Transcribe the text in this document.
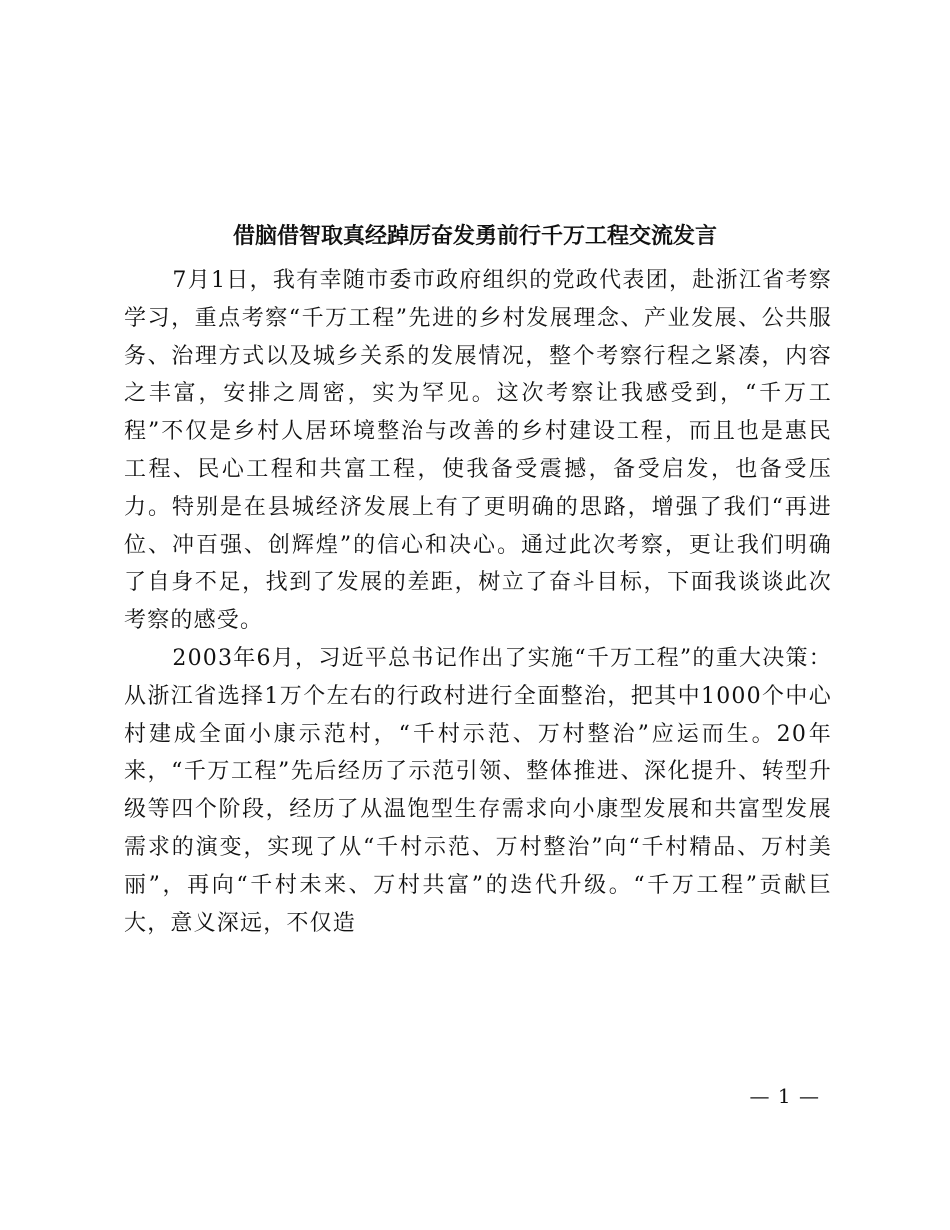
借脑借智取真经踔厉奋发勇前行千万工程交流发言

7月1日，我有幸随市委市政府组织的党政代表团，赴浙江省考察学习，重点考察“千万工程”先进的乡村发展理念、产业发展、公共服务、治理方式以及城乡关系的发展情况，整个考察行程之紧凑，内容之丰富，安排之周密，实为罕见。这次考察让我感受到，“千万工程”不仅是乡村人居环境整治与改善的乡村建设工程，而且也是惠民工程、民心工程和共富工程，使我备受震撼，备受启发，也备受压力。特别是在县城经济发展上有了更明确的思路，增强了我们“再进位、冲百强、创辉煌”的信心和决心。通过此次考察，更让我们明确了自身不足，找到了发展的差距，树立了奋斗目标，下面我谈谈此次考察的感受。

2003年6月，习近平总书记作出了实施“千万工程”的重大决策：从浙江省选择1万个左右的行政村进行全面整治，把其中1000个中心村建成全面小康示范村，“千村示范、万村整治”应运而生。20年来，“千万工程”先后经历了示范引领、整体推进、深化提升、转型升级等四个阶段，经历了从温饱型生存需求向小康型发展和共富型发展需求的演变，实现了从“千村示范、万村整治”向“千村精品、万村美丽”，再向“千村未来、万村共富”的迭代升级。“千万工程”贡献巨大，意义深远，不仅造

— 1 —
